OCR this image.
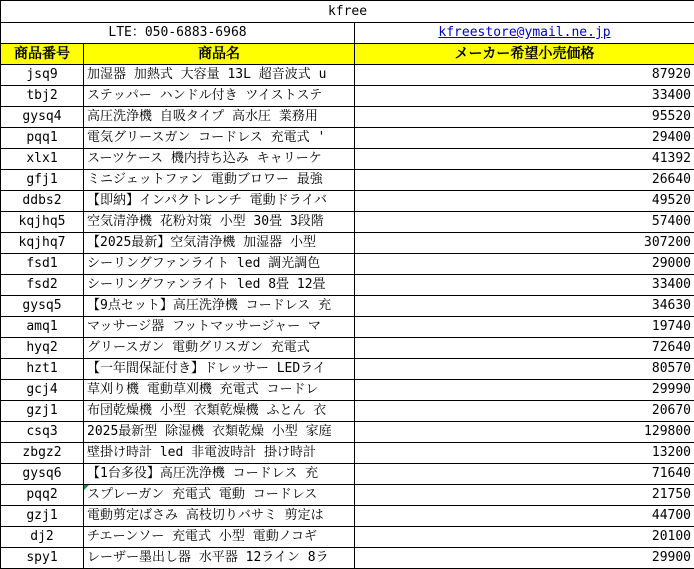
kfree		
LTE：050-6883-6968		kfreestore@ymail.ne.jp
商品番号	商品名	メーカー希望小売価格
jsq9	加湿器 加熱式 大容量 13L 超音波式 u	87920
tbj2	ステッパー ハンドル付き ツイストステ	33400
gysq4	高圧洗浄機 自吸タイプ 高水圧 業務用	95520
pqq1	電気グリースガン コードレス 充電式 '	29400
xlx1	スーツケース 機内持ち込み キャリーケ	41392
gfj1	ミニジェットファン 電動ブロワー 最強	26640
ddbs2	【即納】インパクトレンチ 電動ドライバ	49520
kqjhq5	空気清浄機 花粉対策 小型 30畳 3段階	57400
kqjhq7	【2025最新】空気清浄機 加湿器 小型	307200
fsd1	シーリングファンライト led 調光調色	29000
fsd2	シーリングファンライト led 8畳 12畳	33400
gysq5	【9点セット】高圧洗浄機 コードレス 充	34630
amq1	マッサージ器 フットマッサージャー マ	19740
hyq2	グリースガン 電動グリスガン 充電式	72640
hzt1	【一年間保証付き】ドレッサー LEDライ	80570
gcj4	草刈り機 電動草刈機 充電式 コードレ	29990
gzj1	布団乾燥機 小型 衣類乾燥機 ふとん 衣	20670
csq3	2025最新型 除湿機 衣類乾燥 小型 家庭	129800
zbgz2	壁掛け時計 led 非電波時計 掛け時計	13200
gysq6	【1台多役】高圧洗浄機 コードレス 充	71640
pqq2	スプレーガン 充電式 電動 コードレス	21750
gzj1	電動剪定ばさみ 高枝切りバサミ 剪定は	44700
dj2	チエーンソー 充電式 小型 電動ノコギ	20100
spy1	レーザー墨出し器 水平器 12ライン 8ラ	29900
